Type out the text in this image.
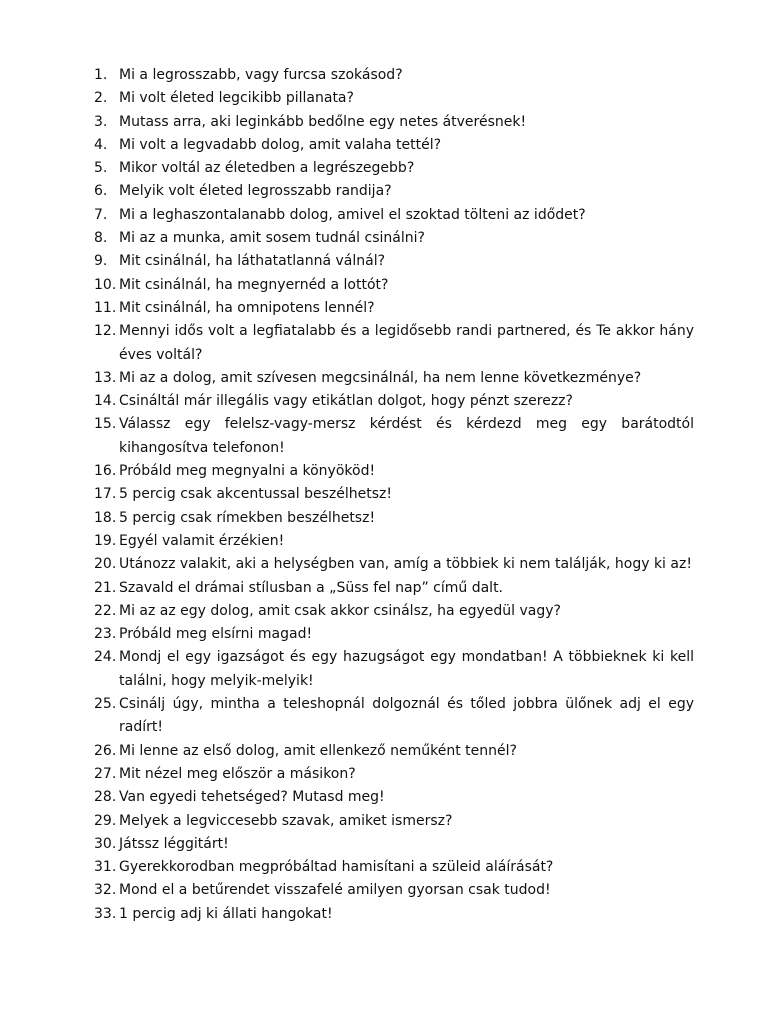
1. Mi a legrosszabb, vagy furcsa szokásod?
2. Mi volt életed legcikibb pillanata?
3. Mutass arra, aki leginkább bedőlne egy netes átverésnek!
4. Mi volt a legvadabb dolog, amit valaha tettél?
5. Mikor voltál az életedben a legrészegebb?
6. Melyik volt életed legrosszabb randija?
7. Mi a leghaszontalanabb dolog, amivel el szoktad tölteni az idődet?
8. Mi az a munka, amit sosem tudnál csinálni?
9. Mit csinálnál, ha láthatatlanná válnál?
10. Mit csinálnál, ha megnyernéd a lottót?
11. Mit csinálnál, ha omnipotens lennél?
12. Mennyi idős volt a legfiatalabb és a legidősebb randi partnered, és Te akkor hány éves voltál?
13. Mi az a dolog, amit szívesen megcsinálnál, ha nem lenne következménye?
14. Csináltál már illegális vagy etikátlan dolgot, hogy pénzt szerezz?
15. Válassz egy felelsz-vagy-mersz kérdést és kérdezd meg egy barátodtól kihangosítva telefonon!
16. Próbáld meg megnyalni a könyököd!
17. 5 percig csak akcentussal beszélhetsz!
18. 5 percig csak rímekben beszélhetsz!
19. Egyél valamit érzékien!
20. Utánozz valakit, aki a helységben van, amíg a többiek ki nem találják, hogy ki az!
21. Szavald el drámai stílusban a „Süss fel nap” című dalt.
22. Mi az az egy dolog, amit csak akkor csinálsz, ha egyedül vagy?
23. Próbáld meg elsírni magad!
24. Mondj el egy igazságot és egy hazugságot egy mondatban! A többieknek ki kell találni, hogy melyik-melyik!
25. Csinálj úgy, mintha a teleshopnál dolgoznál és tőled jobbra ülőnek adj el egy radírt!
26. Mi lenne az első dolog, amit ellenkező neműként tennél?
27. Mit nézel meg először a másikon?
28. Van egyedi tehetséged? Mutasd meg!
29. Melyek a legviccesebb szavak, amiket ismersz?
30. Játssz léggitárt!
31. Gyerekkorodban megpróbáltad hamisítani a szüleid aláírását?
32. Mond el a betűrendet visszafelé amilyen gyorsan csak tudod!
33. 1 percig adj ki állati hangokat!
